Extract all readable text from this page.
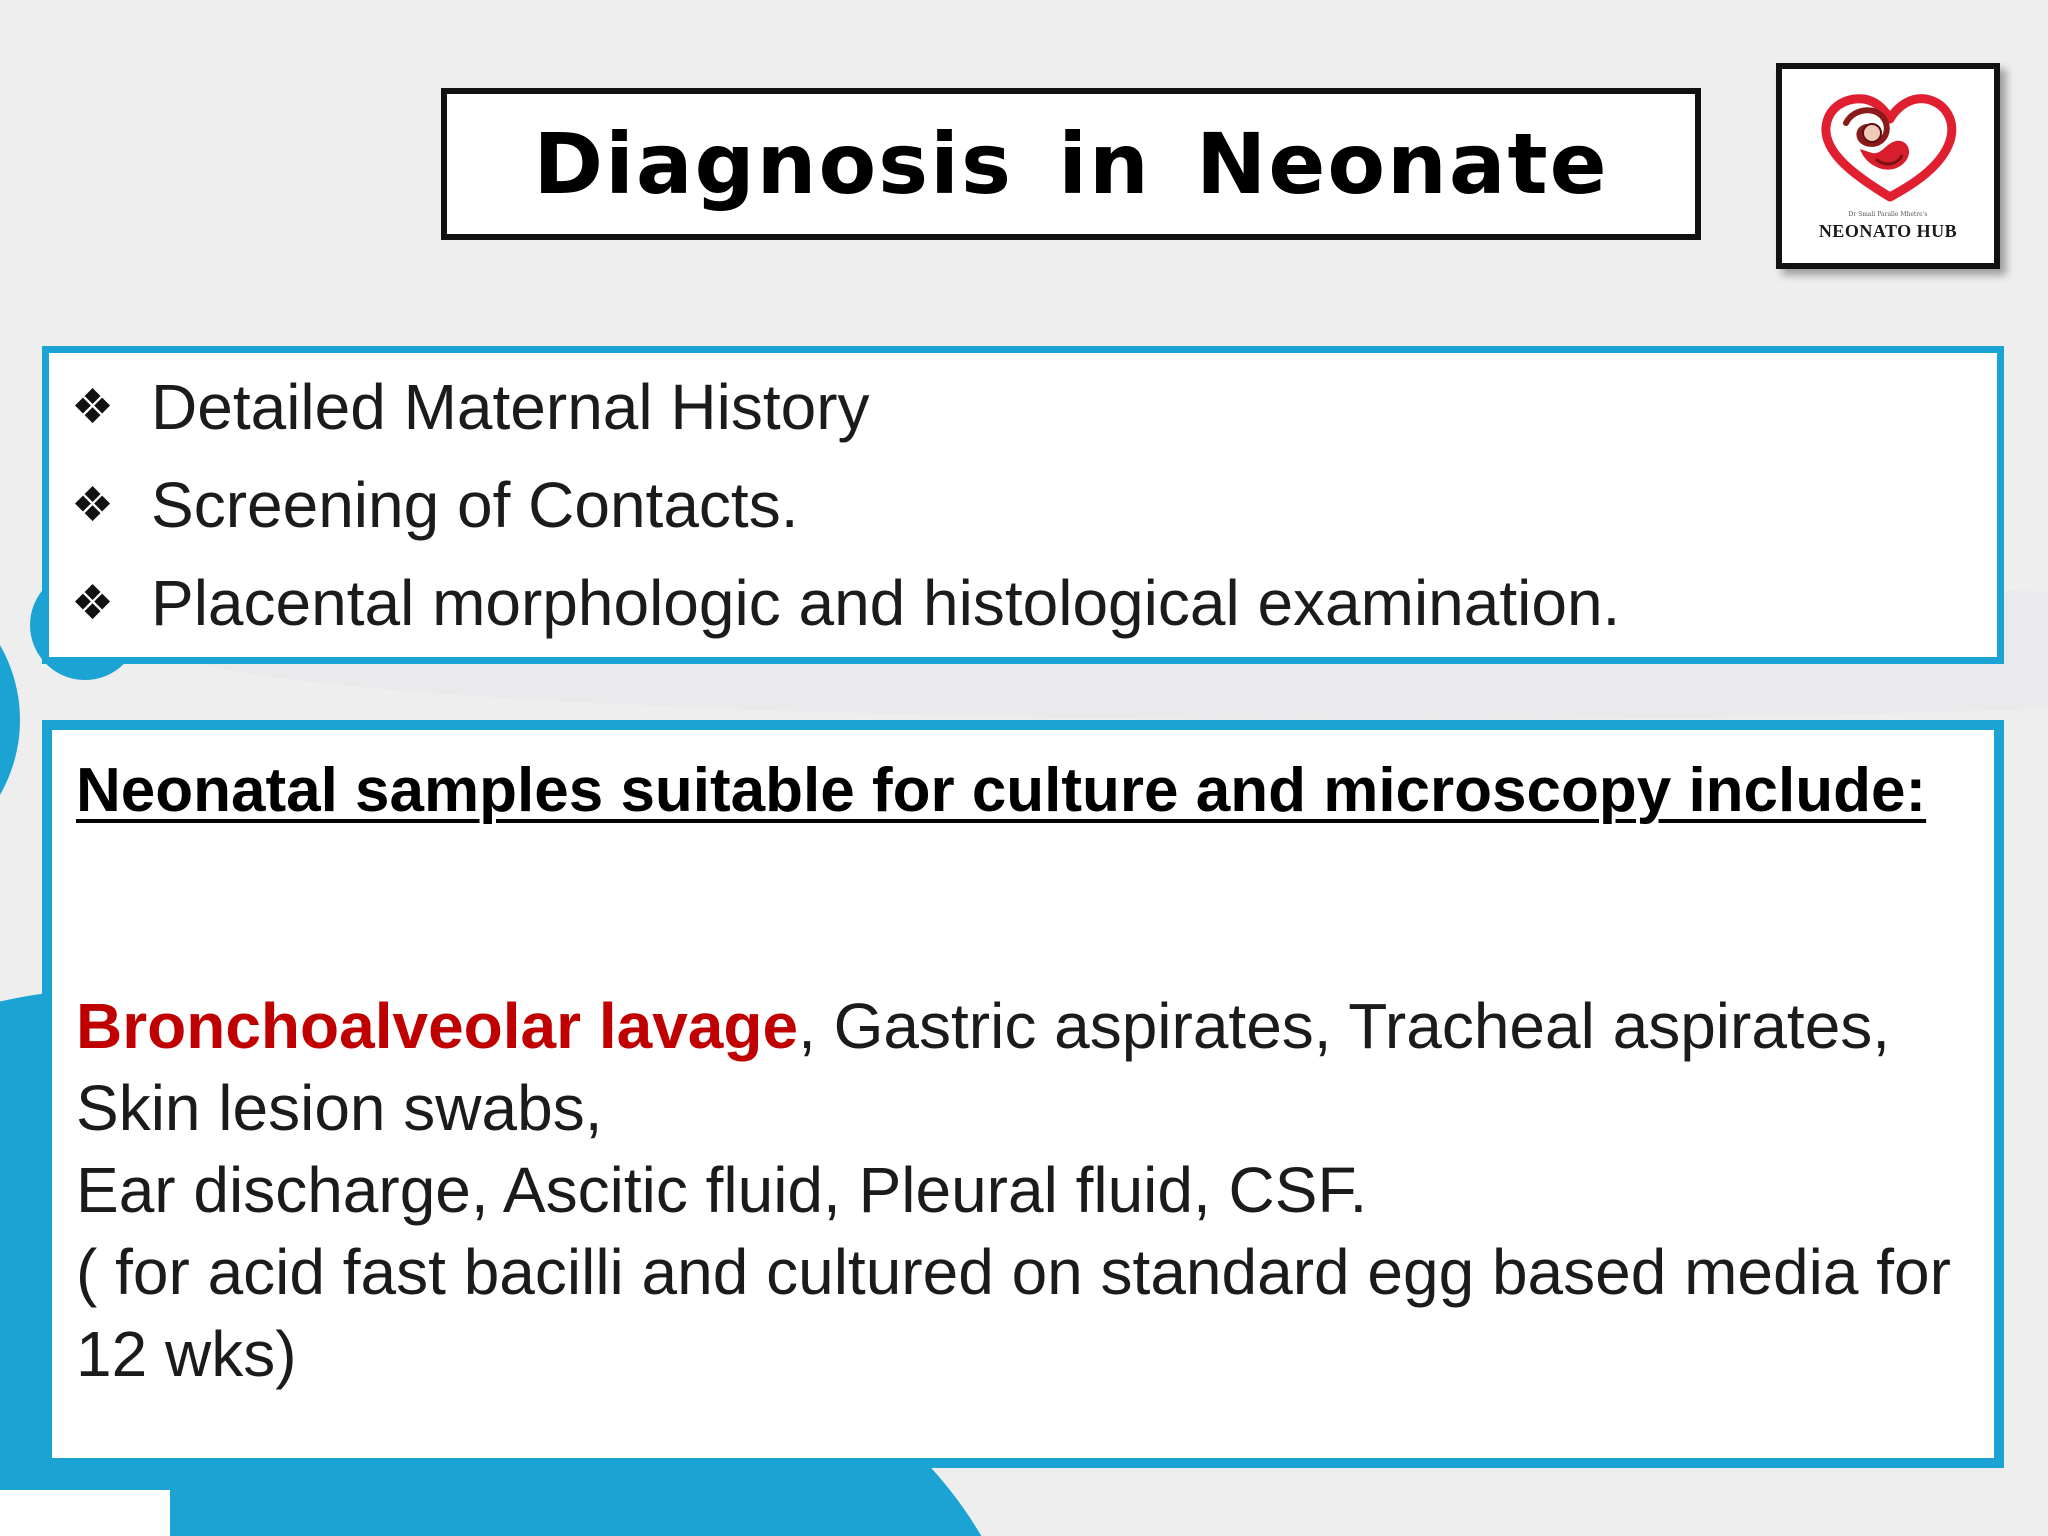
Diagnosis in Neonate
Dr Smali Paralle Mhetre's
NEONATO HUB
❖ Detailed Maternal History
❖ Screening of Contacts.
❖ Placental morphologic and histological examination.
Neonatal samples suitable for culture and microscopy include:
Bronchoalveolar lavage, Gastric aspirates, Tracheal aspirates, Skin lesion swabs,
Ear discharge, Ascitic fluid, Pleural fluid, CSF.
( for acid fast bacilli and cultured on standard egg based media for 12 wks)
